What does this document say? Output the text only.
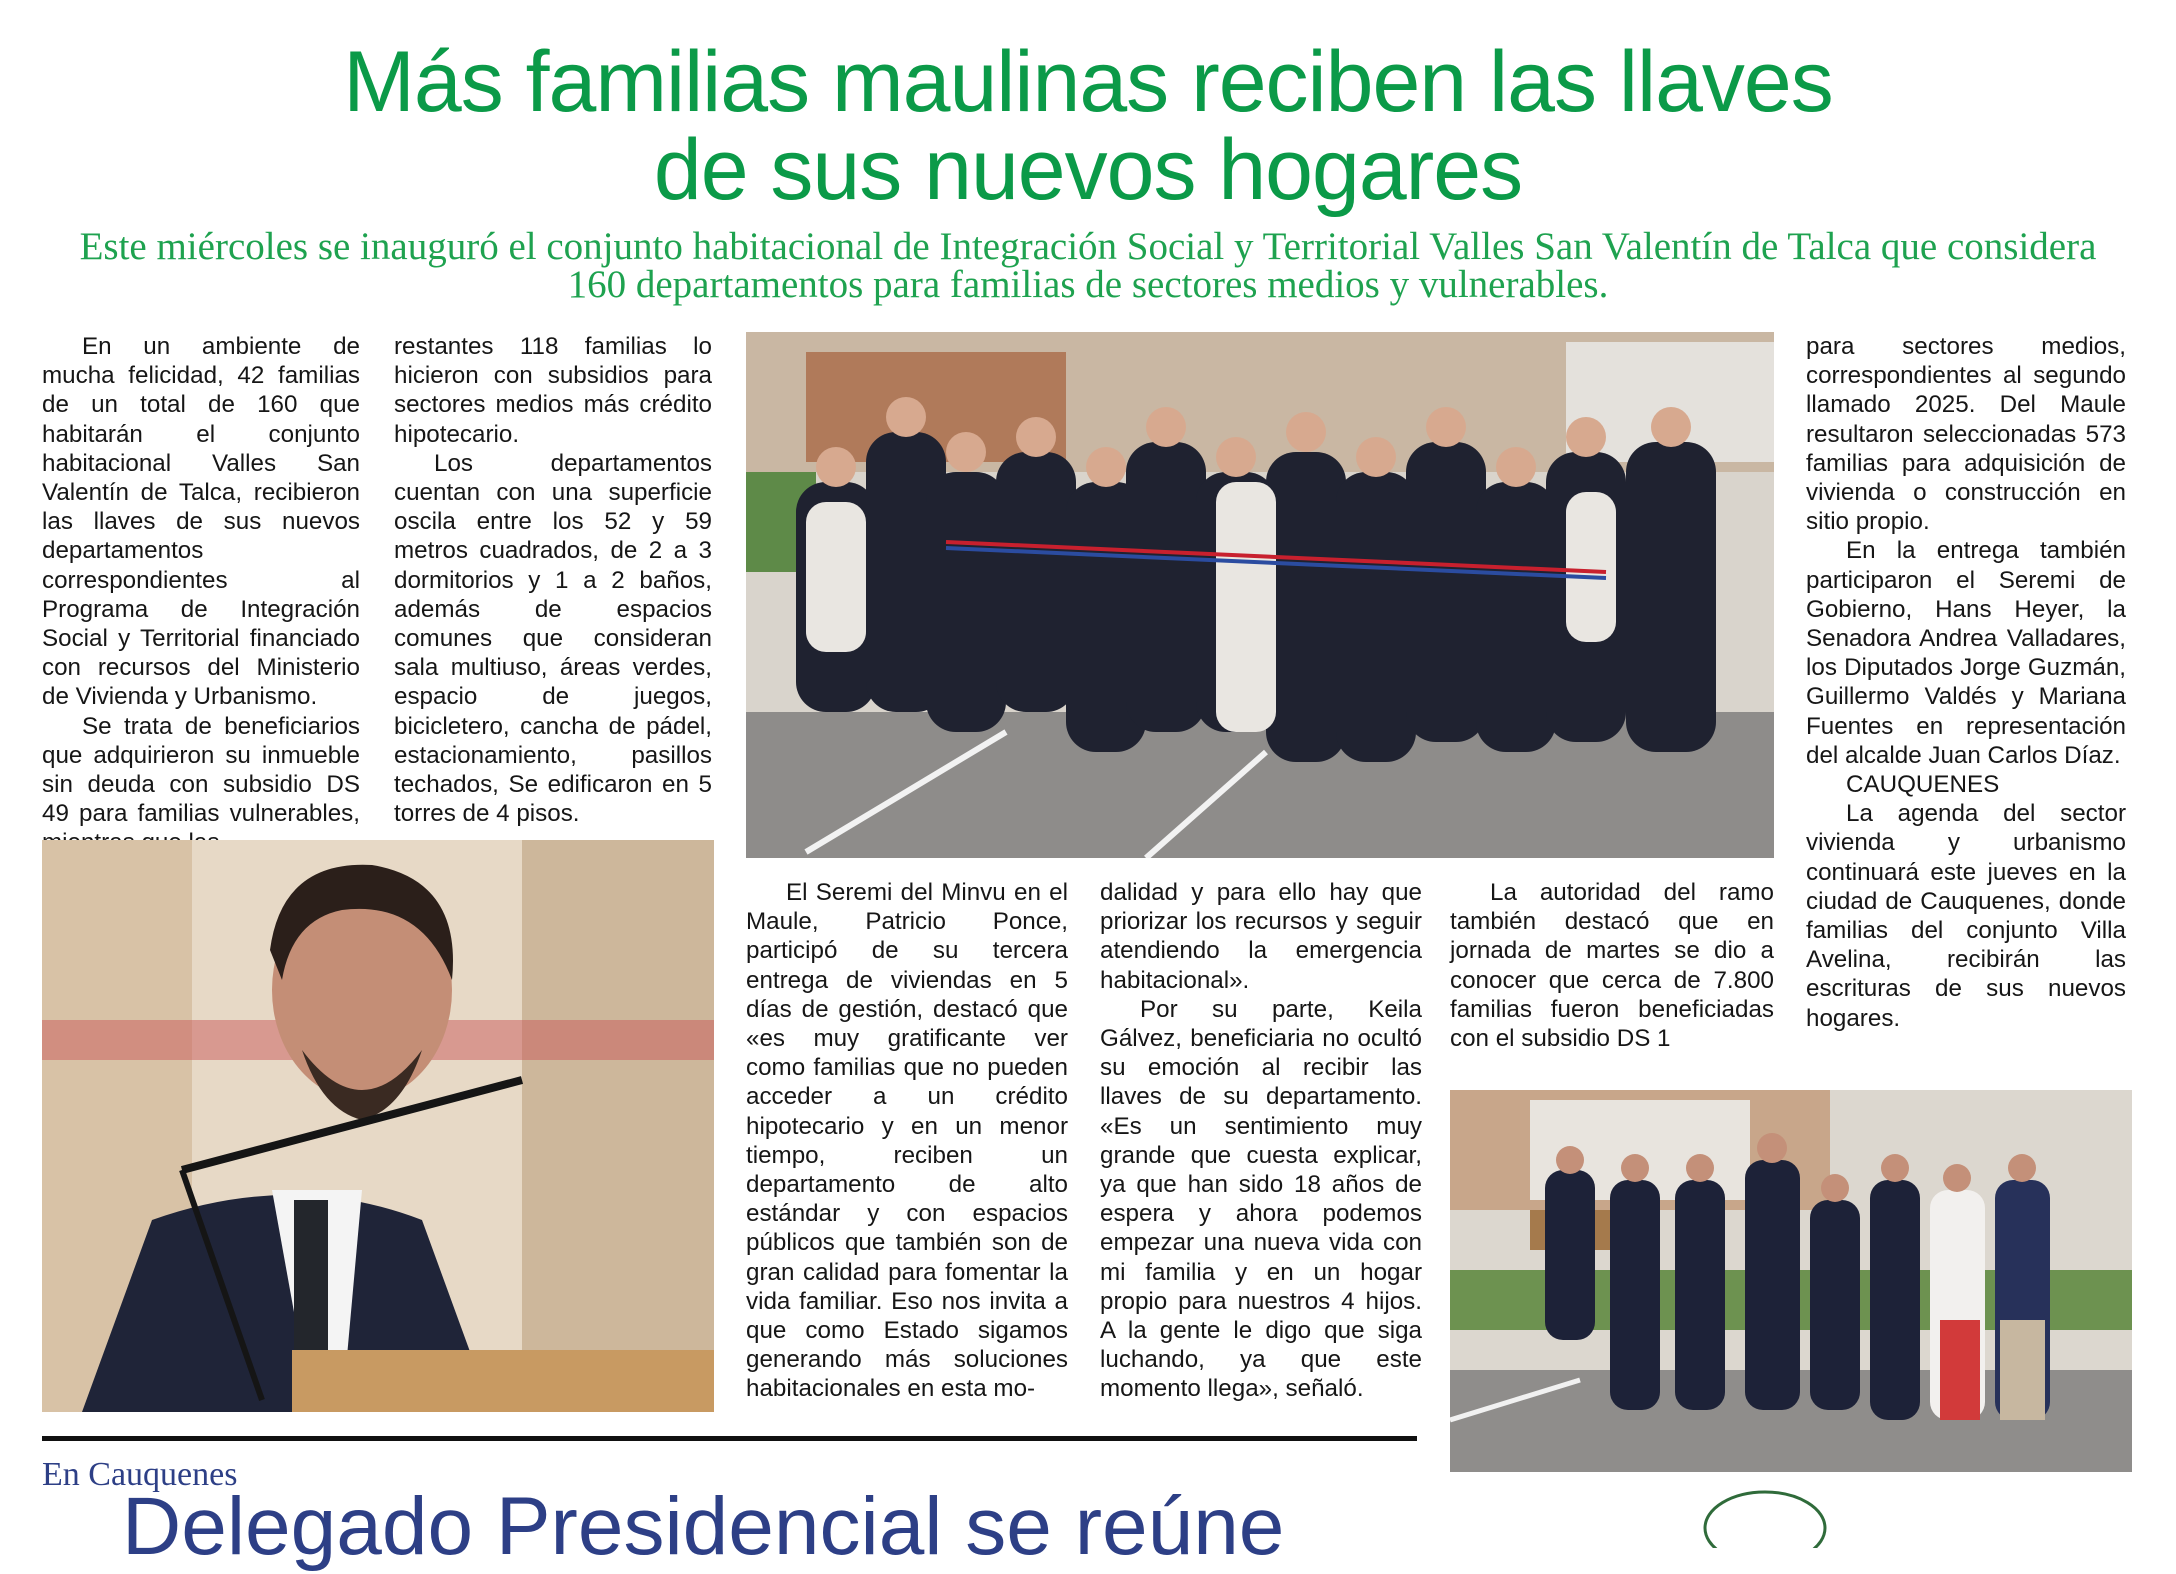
Más familias maulinas reciben las llaves
de sus nuevos hogares
Este miércoles se inauguró el conjunto habitacional de Integración Social y Territorial Valles San Valentín de Talca que considera 160 departamentos para familias de sectores medios y vulnerables.

En un ambiente de mucha felicidad, 42 familias de un total de 160 que habitarán el conjunto habitacional Valles San Valentín de Talca, recibieron las llaves de sus nuevos departamentos correspondientes al Programa de Integración Social y Territorial financiado con recursos del Ministerio de Vivienda y Urbanismo.

Se trata de beneficiarios que adquirieron su inmueble sin deuda con subsidio DS 49 para familias vulnerables,

restantes 118 familias lo hicieron con subsidios para sectores medios más crédito hipotecario.

Los departamentos cuentan con una superficie oscila entre los 52 y 59 metros cuadrados, de 2 a 3 dormitorios y 1 a 2 baños, además de espacios comunes que consideran sala multiuso, áreas verdes, espacio de juegos, bicicletero, cancha de pádel, estacionamiento, pasillos techados, Se edificaron en 5 torres de 4 pisos.

para sectores medios, correspondientes al segundo llamado 2025. Del Maule resultaron seleccionadas 573 familias para adquisición de vivienda o construcción en sitio propio.

En la entrega también participaron el Seremi de Gobierno, Hans Heyer, la Senadora Andrea Valladares, los Diputados Jorge Guzmán, Guillermo Valdés y Mariana Fuentes en representación del alcalde Juan Carlos Díaz.

CAUQUENES

La agenda del sector vivienda y urbanismo continuará este jueves en la ciudad de Cauquenes, donde familias del conjunto Villa Avelina, recibirán las escrituras de sus nuevos hogares.

El Seremi del Minvu en el Maule, Patricio Ponce, participó de su tercera entrega de viviendas en 5 días de gestión, destacó que «es muy gratificante ver como familias que no pueden acceder a un crédito hipotecario y en un menor tiempo, reciben un departamento de alto estándar y con espacios públicos que también son de gran calidad para fomentar la vida familiar. Eso nos invita a que como Estado sigamos generando más soluciones habitacionales en esta mo-

dalidad y para ello hay que priorizar los recursos y seguir atendiendo la emergencia habitacional».

Por su parte, Keila Gálvez, beneficiaria no ocultó su emoción al recibir las llaves de su departamento. «Es un sentimiento muy grande que cuesta explicar, ya que han sido 18 años de espera y ahora podemos empezar una nueva vida con mi familia y en un hogar propio para nuestros 4 hijos. A la gente le digo que siga luchando, ya que este momento llega», señaló.

La autoridad del ramo también destacó que en jornada de martes se dio a conocer que cerca de 7.800 familias fueron beneficiadas con el subsidio DS 1

En Cauquenes
Delegado Presidencial se reúne
